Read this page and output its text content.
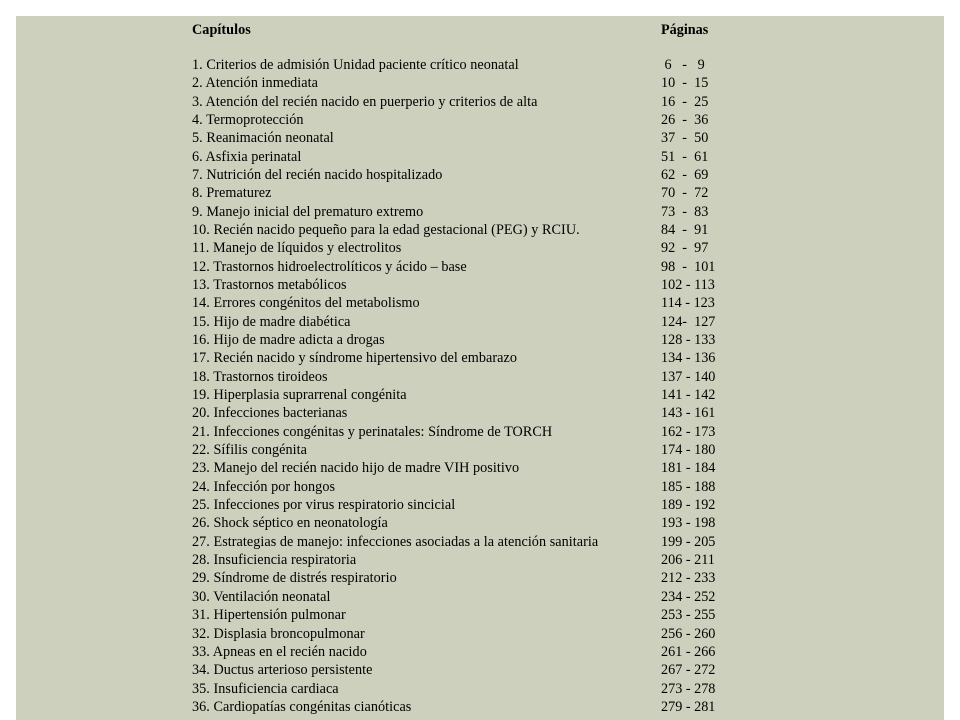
Capítulos	Páginas
1. Criterios de admisión Unidad paciente crítico neonatal	6   -   9
2. Atención inmediata	10  -  15
3. Atención del recién nacido en puerperio y criterios de alta	16  -  25
4. Termoprotección	26  -  36
5. Reanimación neonatal	37  -  50
6. Asfixia perinatal	51  -  61
7. Nutrición del recién nacido hospitalizado	62  -  69
8. Prematurez	70  -  72
9. Manejo inicial del prematuro extremo	73  -  83
10. Recién nacido pequeño para la edad gestacional (PEG) y RCIU.	84  -  91
11. Manejo de líquidos y electrolitos	92  -  97
12. Trastornos hidroelectrolíticos y ácido – base	98  -  101
13. Trastornos metabólicos	102 - 113
14. Errores congénitos del metabolismo	114 - 123
15. Hijo de madre diabética	124-  127
16. Hijo de madre adicta a drogas	128 - 133
17. Recién nacido y síndrome hipertensivo del embarazo	134 - 136
18. Trastornos tiroideos	137 - 140
19. Hiperplasia suprarrenal congénita	141 - 142
20. Infecciones bacterianas	143 - 161
21. Infecciones congénitas y perinatales: Síndrome de TORCH	162 - 173
22. Sífilis congénita	174 - 180
23. Manejo del recién nacido hijo de madre VIH positivo	181 - 184
24. Infección por hongos	185 - 188
25. Infecciones por virus respiratorio sincicial	189 - 192
26. Shock séptico en neonatología	193 - 198
27. Estrategias de manejo: infecciones asociadas a la atención sanitaria	199 - 205
28. Insuficiencia respiratoria	206 - 211
29. Síndrome de distrés respiratorio	212 - 233
30. Ventilación neonatal	234 - 252
31. Hipertensión pulmonar	253 - 255
32. Displasia broncopulmonar	256 - 260
33. Apneas en el recién nacido	261 - 266
34. Ductus arterioso persistente	267 - 272
35. Insuficiencia cardiaca	273 - 278
36. Cardiopatías congénitas cianóticas	279 - 281
